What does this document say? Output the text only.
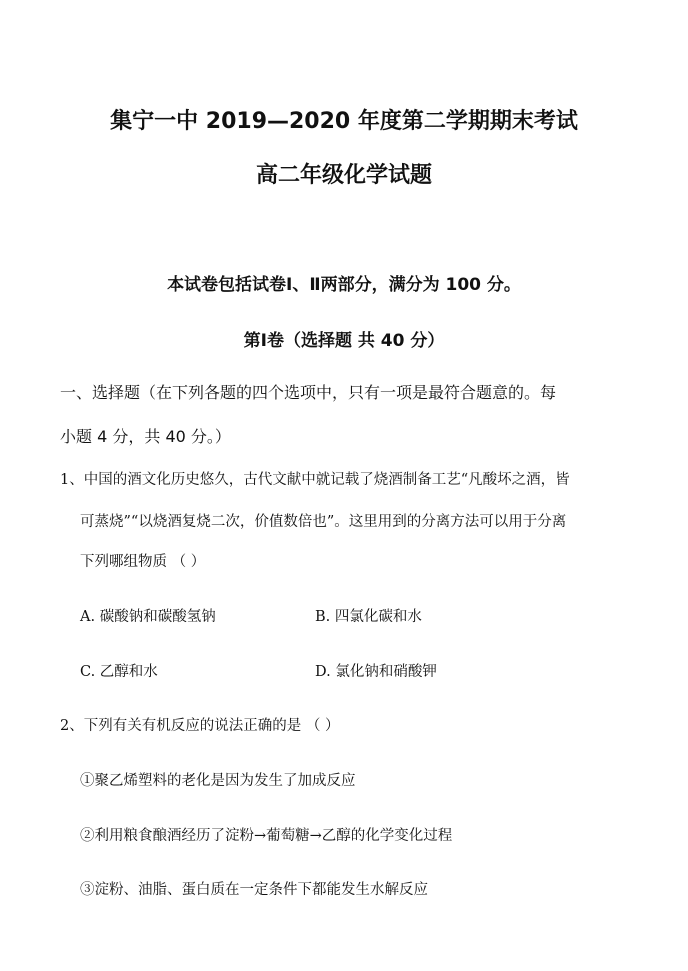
集宁一中 2019—2020 年度第二学期期末考试
高二年级化学试题
本试卷包括试卷Ⅰ、Ⅱ两部分，满分为 100 分。
第Ⅰ卷（选择题 共 40 分）
一、选择题（在下列各题的四个选项中，只有一项是最符合题意的。每
小题 4 分，共 40 分。）
1、中国的酒文化历史悠久，古代文献中就记载了烧酒制备工艺“凡酸坏之酒，皆
可蒸烧”“以烧酒复烧二次，价值数倍也”。这里用到的分离方法可以用于分离
下列哪组物质 （ ）
A. 碳酸钠和碳酸氢钠	B. 四氯化碳和水
C. 乙醇和水	D. 氯化钠和硝酸钾
2、下列有关有机反应的说法正确的是 （ ）
①聚乙烯塑料的老化是因为发生了加成反应
②利用粮食酿酒经历了淀粉→葡萄糖→乙醇的化学变化过程
③淀粉、油脂、蛋白质在一定条件下都能发生水解反应
